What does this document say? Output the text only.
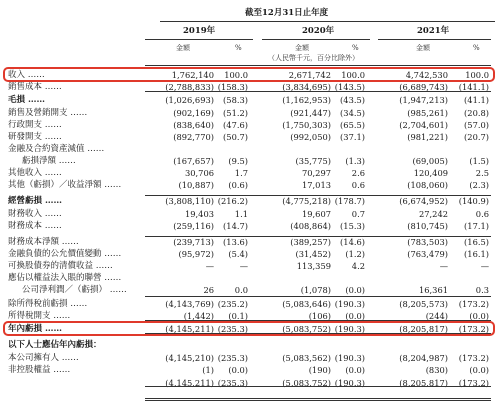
截至12月31日止年度
2019年	2020年	2021年
金額	%	金額	%	金額	%
（人民幣千元，百分比除外）
收入 ……	1,762,140 100.0	2,671,742 100.0	4,742,530 100.0
銷售成本 ……	(2,788,833) (158.3)	(3,834,695) (143.5)	(6,689,743) (141.1)
毛損 ……	(1,026,693) (58.3)	(1,162,953) (43.5)	(1,947,213) (41.1)
銷售及營銷開支 ……	(902,169) (51.2)	(921,447) (34.5)	(985,261) (20.8)
行政開支 ……	(838,640) (47.6)	(1,750,303) (65.5)	(2,704,601) (57.0)
研發開支 ……	(892,770) (50.7)	(992,050) (37.1)	(981,221) (20.7)
金融及合約資產減值 ……
虧損淨額 ……	(167,657) (9.5)	(35,775) (1.3)	(69,005)	(1.5)
其他收入 ……	30,706	1.7	70,297	2.6	120,409	2.5
其他（虧損）／收益淨額 ……	(10,887) (0.6)	17,013	0.6	(108,060)	(2.3)
經營虧損 ……	(3,808,110) (216.2)	(4,775,218) (178.7)	(6,674,952) (140.9)
財務收入 ……	19,403	1.1	19,607	0.7	27,242	0.6
財務成本 ……	(259,116) (14.7)	(408,864) (15.3)	(810,745) (17.1)
財務成本淨額 ……	(239,713) (13.6)	(389,257) (14.6)	(783,503) (16.5)
金融負債的公允價值變動 ……	(95,972) (5.4)	(31,452) (1.2)	(763,479) (16.1)
可換股債券的清償收益 ……	—	—	113,359	4.2	—	—
應佔以權益法入賬的聯營 ……
公司淨利潤／（虧損） ……	26	0.0	(1,078) (0.0)	16,361	0.3
除所得稅前虧損 ……	(4,143,769) (235.2)	(5,083,646) (190.3)	(8,205,573) (173.2)
所得稅開支 ……	(1,442) (0.1)	(106) (0.0)	(244)	(0.0)
年內虧損 ……	(4,145,211) (235.3)	(5,083,752) (190.3)	(8,205,817) (173.2)
以下人士應佔年內虧損：
本公司擁有人 ……	(4,145,210) (235.3)	(5,083,562) (190.3)	(8,204,987) (173.2)
非控股權益 ……	(1) (0.0)	(190) (0.0)	(830)	(0.0)
(4,145,211) (235.3)	(5,083,752) (190.3)	(8,205,817) (173.2)
